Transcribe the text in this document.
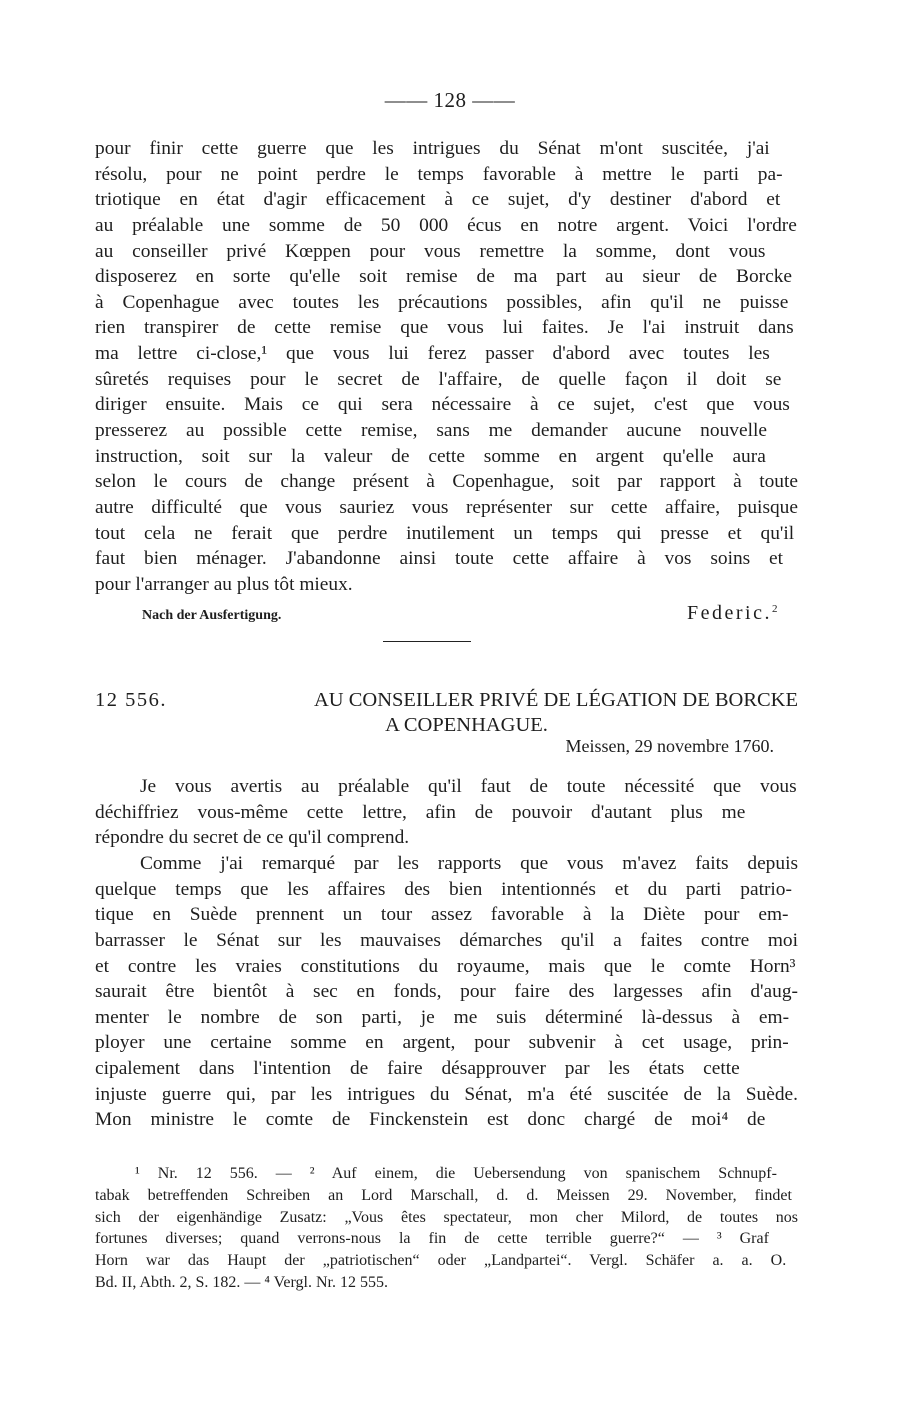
—— 128 ——
pour finir cette guerre que les intrigues du Sénat m'ont suscitée, j'ai
résolu, pour ne point perdre le temps favorable à mettre le parti pa-
triotique en état d'agir efficacement à ce sujet, d'y destiner d'abord et
au préalable une somme de 50 000 écus en notre argent. Voici l'ordre
au conseiller privé Kœppen pour vous remettre la somme, dont vous
disposerez en sorte qu'elle soit remise de ma part au sieur de Borcke
à Copenhague avec toutes les précautions possibles, afin qu'il ne puisse
rien transpirer de cette remise que vous lui faites. Je l'ai instruit dans
ma lettre ci-close,¹ que vous lui ferez passer d'abord avec toutes les
sûretés requises pour le secret de l'affaire, de quelle façon il doit se
diriger ensuite. Mais ce qui sera nécessaire à ce sujet, c'est que vous
presserez au possible cette remise, sans me demander aucune nouvelle
instruction, soit sur la valeur de cette somme en argent qu'elle aura
selon le cours de change présent à Copenhague, soit par rapport à toute
autre difficulté que vous sauriez vous représenter sur cette affaire, puisque
tout cela ne ferait que perdre inutilement un temps qui presse et qu'il
faut bien ménager. J'abandonne ainsi toute cette affaire à vos soins et
pour l'arranger au plus tôt mieux.
Nach der Ausfertigung.	Federic.$^2$
12 556.	AU CONSEILLER PRIVÉ DE LÉGATION DE BORCKE
A COPENHAGUE.
Meissen, 29 novembre 1760.
Je vous avertis au préalable qu'il faut de toute nécessité que vous
déchiffriez vous-même cette lettre, afin de pouvoir d'autant plus me
répondre du secret de ce qu'il comprend.
Comme j'ai remarqué par les rapports que vous m'avez faits depuis
quelque temps que les affaires des bien intentionnés et du parti patrio-
tique en Suède prennent un tour assez favorable à la Diète pour em-
barrasser le Sénat sur les mauvaises démarches qu'il a faites contre moi
et contre les vraies constitutions du royaume, mais que le comte Horn³
saurait être bientôt à sec en fonds, pour faire des largesses afin d'aug-
menter le nombre de son parti, je me suis déterminé là-dessus à em-
ployer une certaine somme en argent, pour subvenir à cet usage, prin-
cipalement dans l'intention de faire désapprouver par les états cette
injuste guerre qui, par les intrigues du Sénat, m'a été suscitée de la Suède.
Mon ministre le comte de Finckenstein est donc chargé de moi⁴ de
¹ Nr. 12 556. — ² Auf einem, die Uebersendung von spanischem Schnupf-
tabak betreffenden Schreiben an Lord Marschall, d. d. Meissen 29. November, findet
sich der eigenhändige Zusatz: „Vous êtes spectateur, mon cher Milord, de toutes nos
fortunes diverses; quand verrons-nous la fin de cette terrible guerre?“ — ³ Graf
Horn war das Haupt der „patriotischen“ oder „Landpartei“. Vergl. Schäfer a. a. O.
Bd. II, Abth. 2, S. 182. — ⁴ Vergl. Nr. 12 555.
